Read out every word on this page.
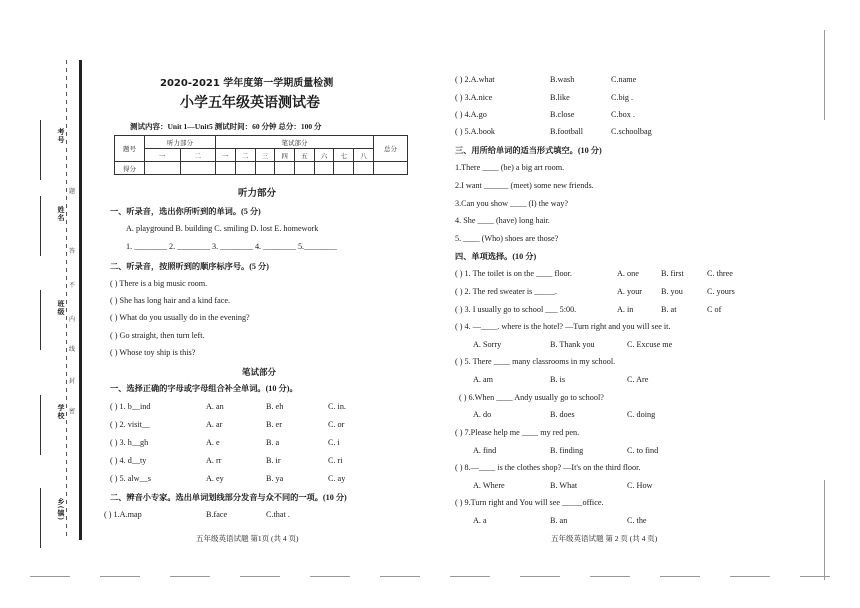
考号
姓名
班级
学校
乡(镇)
题
答
不
内
线
封
密
2020-2021 学年度第一学期质量检测
小学五年级英语测试卷
测试内容：Unit 1—Unit5 测试时间：60 分钟 总分：100 分
题号	听力部分		笔试部分								总分
	一	二	一	二	三	四	五	六	七	八	
得分											
听力部分
一、听录音，选出你所听到的单词。(5 分)
A. playground B. building C. smiling D. lost E. homework
1. ________ 2. ________ 3. ________ 4. ________ 5.________
二、听录音，按照听到的顺序标序号。(5 分)
( ) There is a big music room.
( ) She has long hair and a kind face.
( ) What do you usually do in the evening?
( ) Go straight, then turn left.
( ) Whose toy ship is this?
笔试部分
一、选择正确的字母或字母组合补全单词。(10 分)。
( ) 1. b__ind	A. an	B. eh	C. in.
( ) 2. visit__	A. ar	B. er	C. or
( ) 3. h__gh	A. e	B. a	C. i
( ) 4. d__ty	A. rr	B. ir	C. ri
( ) 5. alw__s	A. ey	B. ya	C. ay
二、辨音小专家。选出单词划线部分发音与众不同的一项。(10 分)
( ) 1.A.map	B.face	C.that .
五年级英语试题 第1页 (共 4 页)
( ) 2.A.what	B.wash	C.name
( ) 3.A.nice	B.like	C.big .
( ) 4.A.go	B.close	C.box .
( ) 5.A.book	B.football	C.schoolbag
三、用所给单词的适当形式填空。(10 分)
1.There ____ (be) a big art room.
2.I want ______ (meet) some new friends.
3.Can you show ____ (I) the way?
4. She ____ (have) long hair.
5. ____ (Who) shoes are those?
四、单项选择。(10 分)
( ) 1. The toilet is on the ____ floor.	A. one	B. first	C. three
( ) 2. The red sweater is _____.	A. your B. you	C. yours
( ) 3. I usually go to school ___ 5:00.	A. in	B. at	C of
( ) 4. —____. where is the hotel? —Turn right and you will see it.
A. Sorry	B. Thank you	C. Excuse me
( ) 5. There ____ many classrooms in my school.
A. am	B. is	C. Are
( ) 6.When ____ Andy usually go to school?
A. do	B. does	C. doing
( ) 7.Please help me ____ my red pen.
A. find	B. finding	C. to find
( ) 8.—____ is the clothes shop? —It's on the third floor.
A. Where	B. What	C. How
( ) 9.Turn right and You will see _____office.
A. a	B. an	C. the
五年级英语试题 第 2 页 (共 4 页)
